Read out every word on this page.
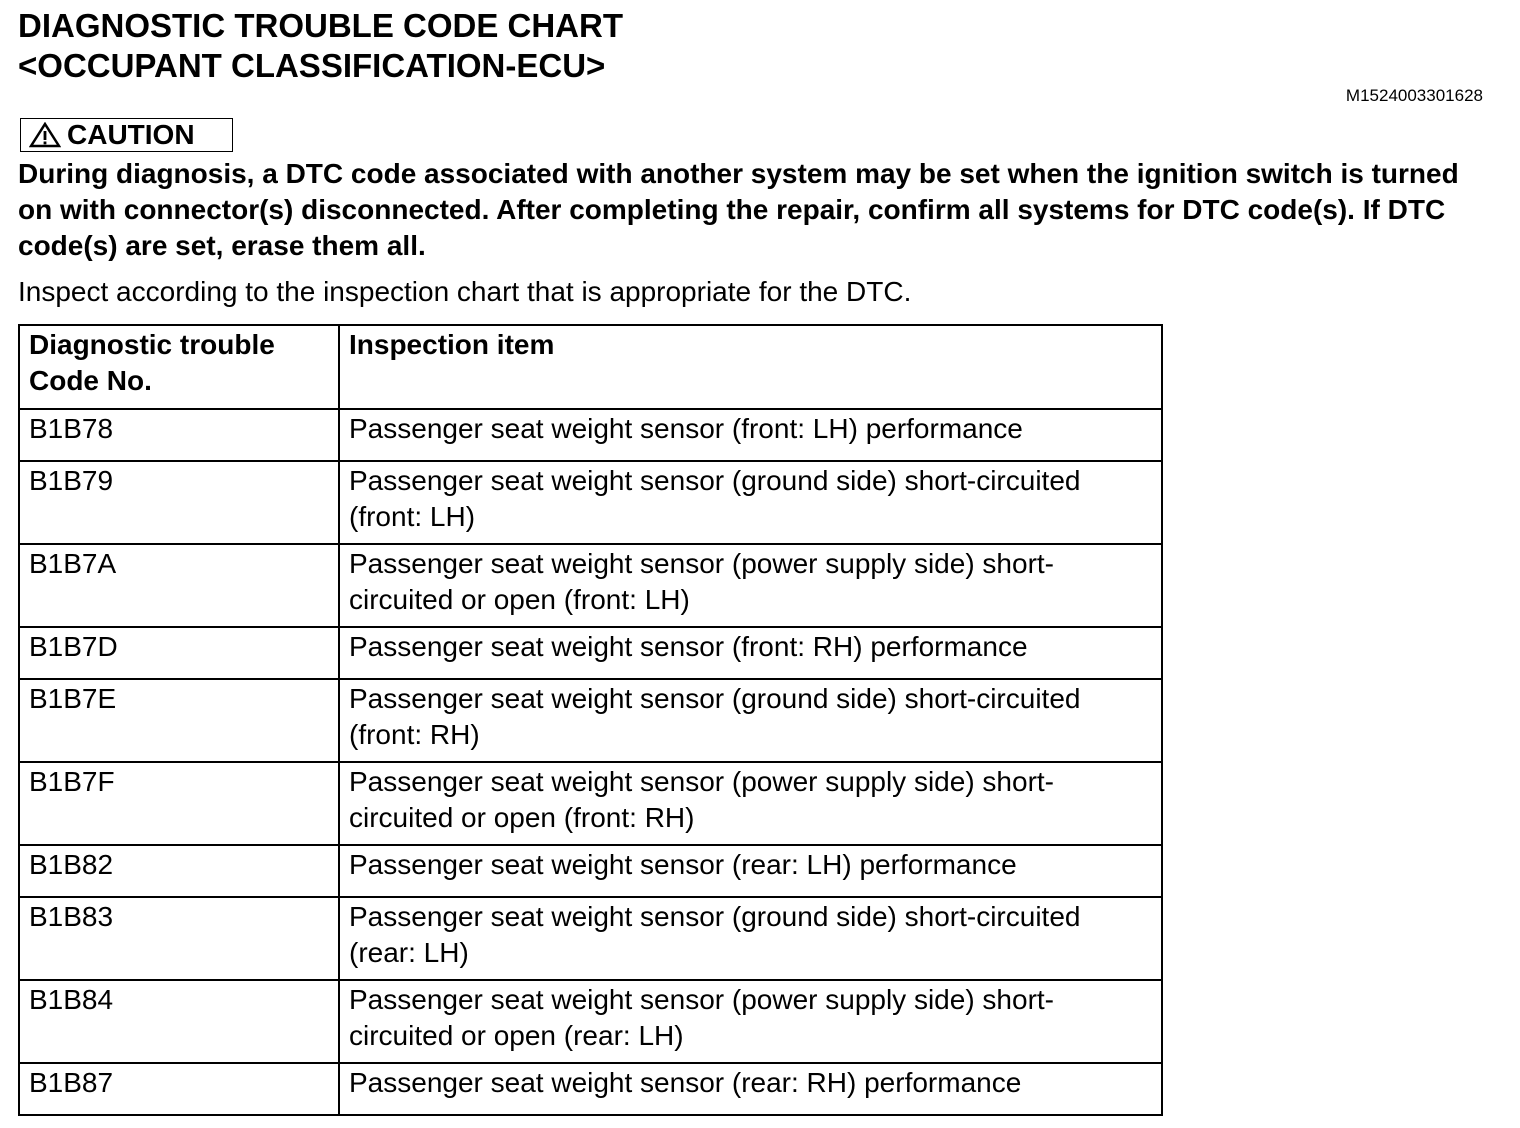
DIAGNOSTIC TROUBLE CODE CHART
<OCCUPANT CLASSIFICATION-ECU>
M1524003301628
CAUTION

During diagnosis, a DTC code associated with another system may be set when the ignition switch is turned on with connector(s) disconnected. After completing the repair, confirm all systems for DTC code(s). If DTC code(s) are set, erase them all.

Inspect according to the inspection chart that is appropriate for the DTC.

Diagnostic trouble Code No.	Inspection item
B1B78	Passenger seat weight sensor (front: LH) performance
B1B79	Passenger seat weight sensor (ground side) short-circuited (front: LH)
B1B7A	Passenger seat weight sensor (power supply side) short-circuited or open (front: LH)
B1B7D	Passenger seat weight sensor (front: RH) performance
B1B7E	Passenger seat weight sensor (ground side) short-circuited (front: RH)
B1B7F	Passenger seat weight sensor (power supply side) short-circuited or open (front: RH)
B1B82	Passenger seat weight sensor (rear: LH) performance
B1B83	Passenger seat weight sensor (ground side) short-circuited (rear: LH)
B1B84	Passenger seat weight sensor (power supply side) short-circuited or open (rear: LH)
B1B87	Passenger seat weight sensor (rear: RH) performance
